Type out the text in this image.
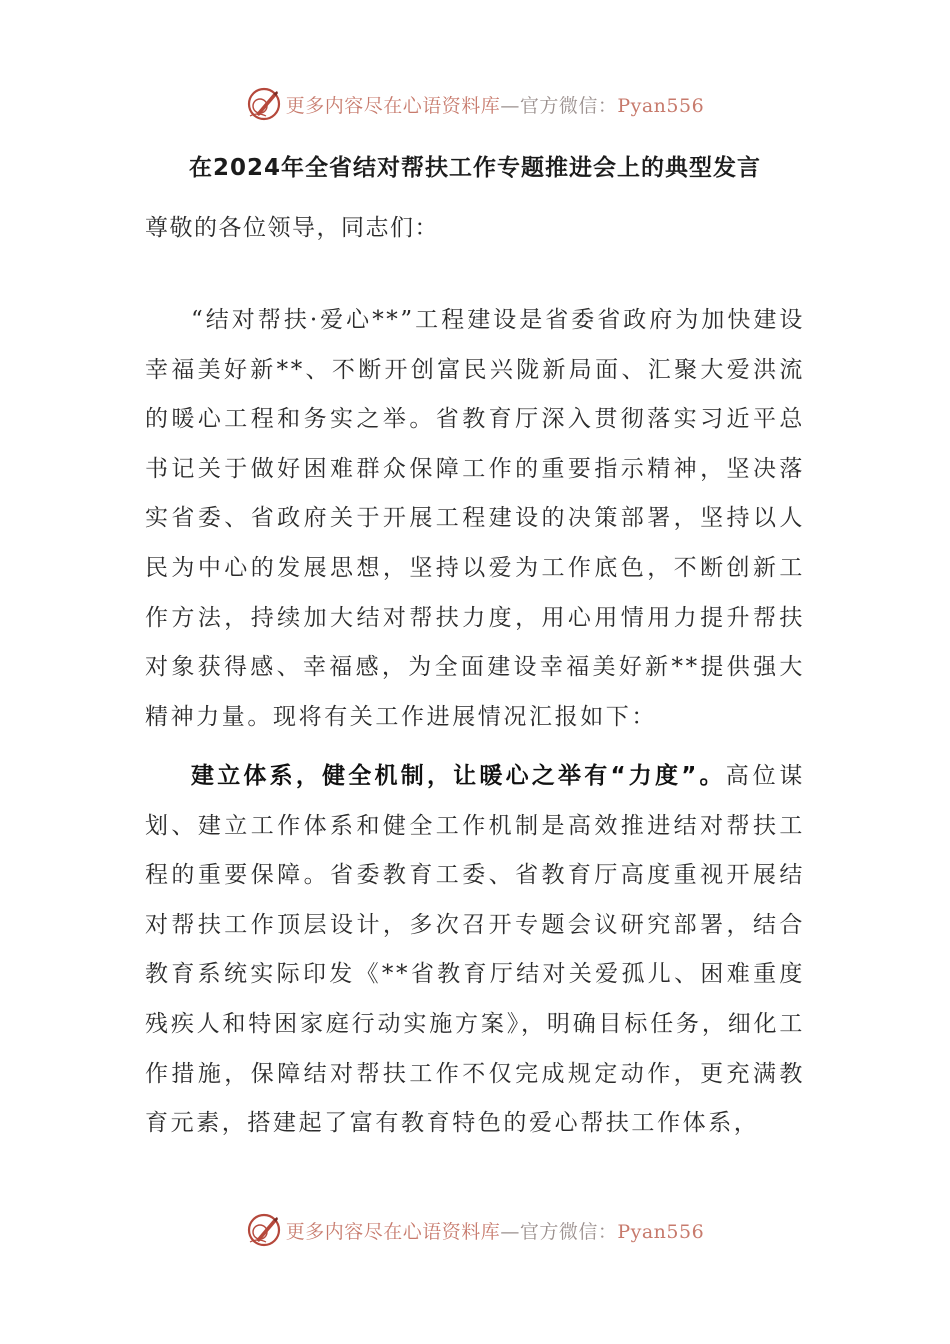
更多内容尽在心语资料库—官方微信：Pyan556
在2024年全省结对帮扶工作专题推进会上的典型发言
尊敬的各位领导，同志们：

“结对帮扶·爱心**”工程建设是省委省政府为加快建设幸福美好新**、不断开创富民兴陇新局面、汇聚大爱洪流的暖心工程和务实之举。省教育厅深入贯彻落实习近平总书记关于做好困难群众保障工作的重要指示精神，坚决落实省委、省政府关于开展工程建设的决策部署，坚持以人民为中心的发展思想，坚持以爱为工作底色，不断创新工作方法，持续加大结对帮扶力度，用心用情用力提升帮扶对象获得感、幸福感，为全面建设幸福美好新**提供强大精神力量。现将有关工作进展情况汇报如下：

建立体系，健全机制，让暖心之举有“力度”。高位谋划、建立工作体系和健全工作机制是高效推进结对帮扶工程的重要保障。省委教育工委、省教育厅高度重视开展结对帮扶工作顶层设计，多次召开专题会议研究部署，结合教育系统实际印发《**省教育厅结对关爱孤儿、困难重度残疾人和特困家庭行动实施方案》，明确目标任务，细化工作措施，保障结对帮扶工作不仅完成规定动作，更充满教育元素，搭建起了富有教育特色的爱心帮扶工作体系，

更多内容尽在心语资料库—官方微信：Pyan556
